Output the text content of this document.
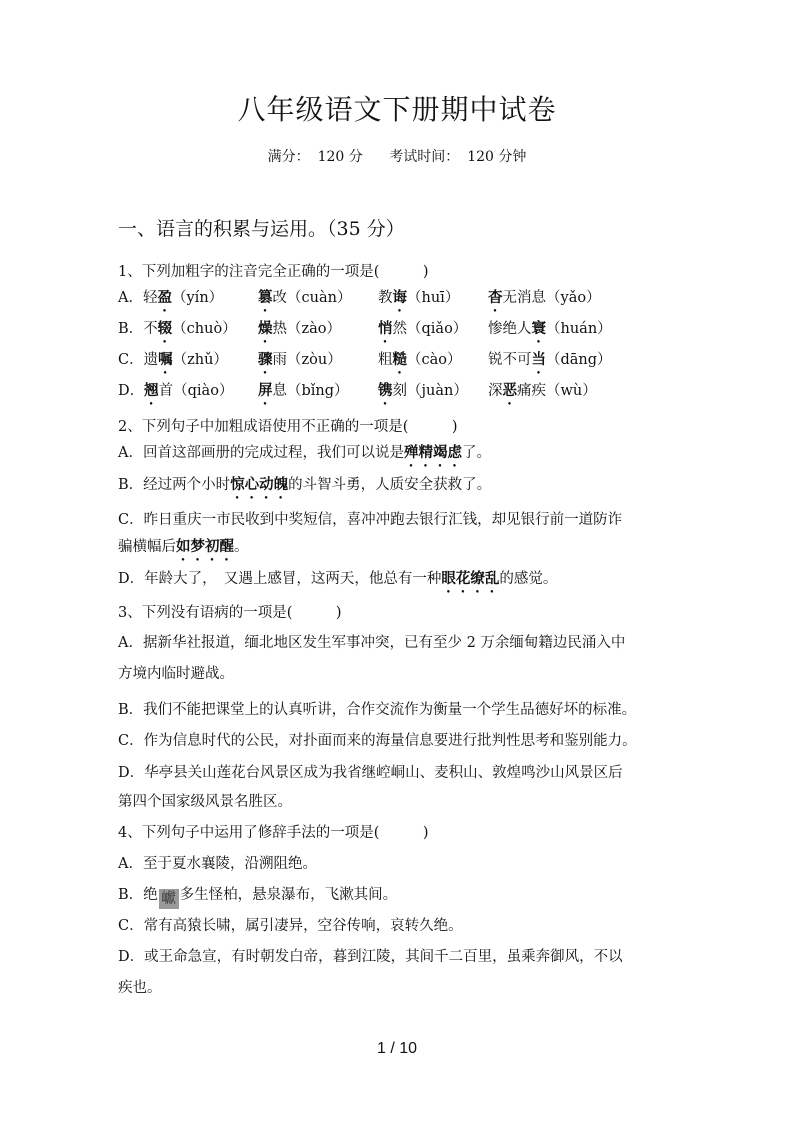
八年级语文下册期中试卷
满分： 120 分 考试时间： 120 分钟
一、语言的积累与运用。（35 分）
1、下列加粗字的注音完全正确的一项是(　　　)
A．轻盈（yín） 篡改（cuàn） 教诲（huī） 杳无消息（yǎo）
B．不辍（chuò） 燥热（zào）	悄然（qiǎo） 惨绝人寰（huán）
C．遗嘱（zhǔ） 骤雨（zòu）	粗糙（cào） 锐不可当（dāng）
D．翘首（qiào） 屏息（bǐng） 镌刻（juàn） 深恶痛疾（wù）
2、下列句子中加粗成语使用不正确的一项是(　　　)
A．回首这部画册的完成过程，我们可以说是殚精竭虑了。
B．经过两个小时惊心动魄的斗智斗勇，人质安全获救了。
C．昨日重庆一市民收到中奖短信，喜冲冲跑去银行汇钱，却见银行前一道防诈
骗横幅后如梦初醒。
D．年龄大了，　又遇上感冒，这两天，他总有一种眼花缭乱的感觉。
3、下列没有语病的一项是(　　　)
A．据新华社报道，缅北地区发生军事冲突，已有至少 2 万余缅甸籍边民涌入中
方境内临时避战。
B．我们不能把课堂上的认真听讲，合作交流作为衡量一个学生品德好坏的标准。
C．作为信息时代的公民，对扑面而来的海量信息要进行批判性思考和鉴别能力。
D．华亭县关山莲花台风景区成为我省继崆峒山、麦积山、敦煌鸣沙山风景区后
第四个国家级风景名胜区。
4、下列句子中运用了修辞手法的一项是(　　　)
A．至于夏水襄陵，沿溯阻绝。
B．绝 巘 多生怪柏，悬泉瀑布，飞漱其间。
C．常有高猿长啸，属引凄异，空谷传响，哀转久绝。
D．或王命急宣，有时朝发白帝，暮到江陵，其间千二百里，虽乘奔御风，不以
疾也。
1 / 10
